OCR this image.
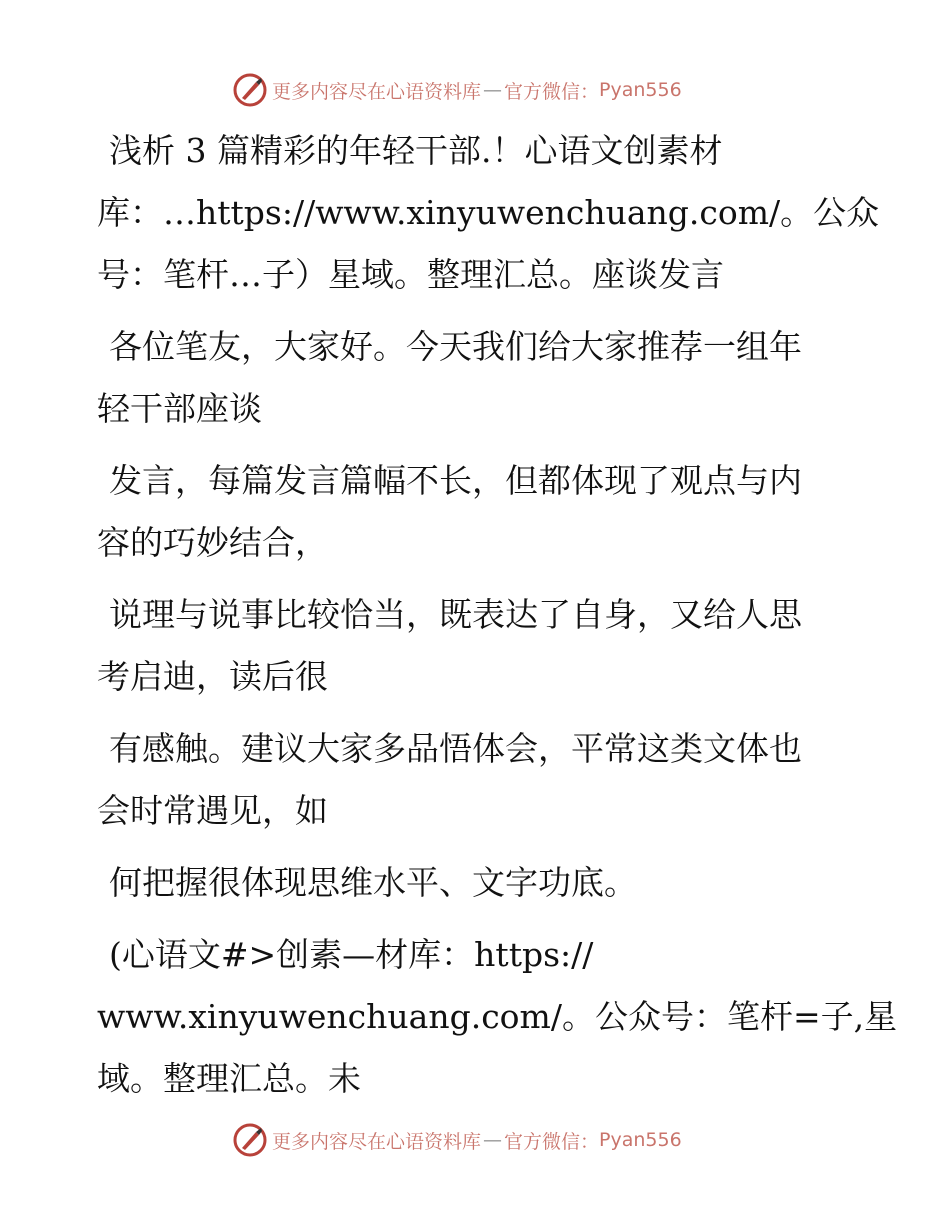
更多内容尽在心语资料库 — 官方微信： Pyan556
浅析 3 篇精彩的年轻干部.！心语文创素材
库：…https://www.xinyuwenchuang.com/。公众
号：笔杆…子）星域。整理汇总。座谈发言
各位笔友，大家好。今天我们给大家推荐一组年
轻干部座谈
发言，每篇发言篇幅不长，但都体现了观点与内
容的巧妙结合，
说理与说事比较恰当，既表达了自身，又给人思
考启迪，读后很
有感触。建议大家多品悟体会，平常这类文体也
会时常遇见，如
何把握很体现思维水平、文字功底。
(心语文#>创素—材库：https://
www.xinyuwenchuang.com/。公众号：笔杆=子,星
域。整理汇总。未
更多内容尽在心语资料库 — 官方微信： Pyan556
